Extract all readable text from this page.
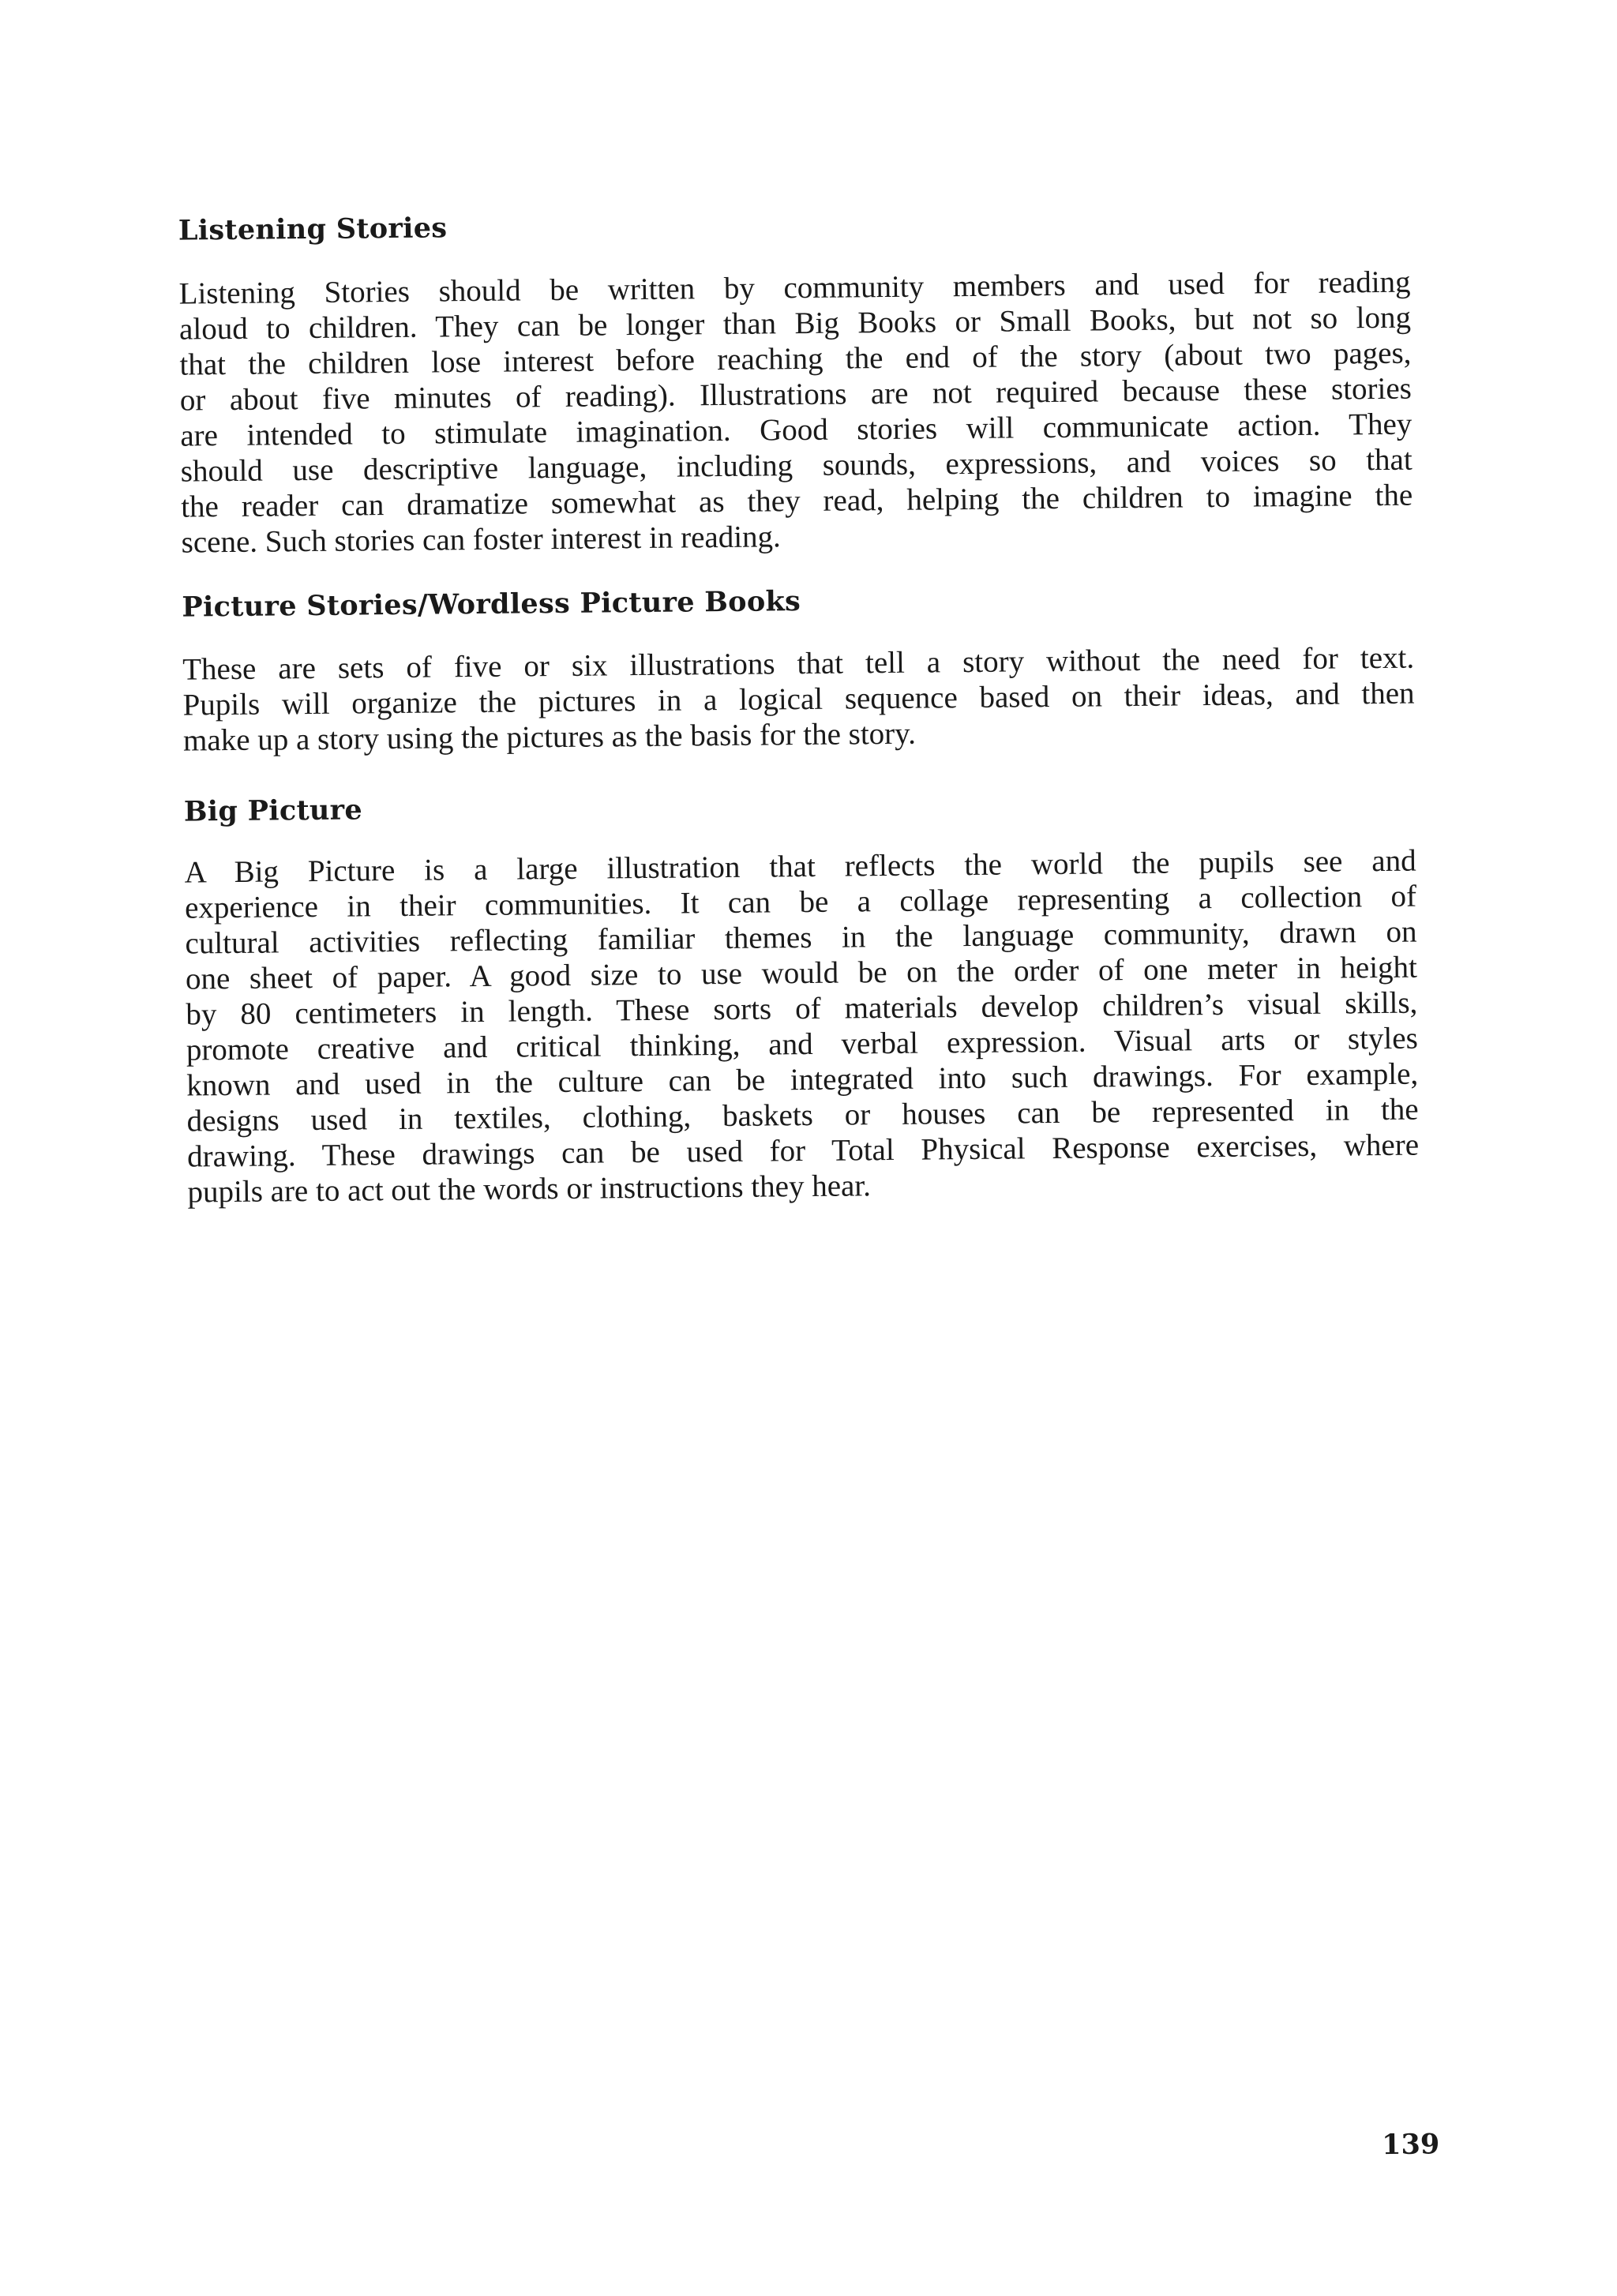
Listening Stories
Listening Stories should be written by community members and used for reading
aloud to children. They can be longer than Big Books or Small Books, but not so long
that the children lose interest before reaching the end of the story (about two pages,
or about five minutes of reading). Illustrations are not required because these stories
are intended to stimulate imagination. Good stories will communicate action. They
should use descriptive language, including sounds, expressions, and voices so that
the reader can dramatize somewhat as they read, helping the children to imagine the
scene. Such stories can foster interest in reading.
Picture Stories/Wordless Picture Books
These are sets of five or six illustrations that tell a story without the need for text.
Pupils will organize the pictures in a logical sequence based on their ideas, and then
make up a story using the pictures as the basis for the story.
Big Picture
A Big Picture is a large illustration that reflects the world the pupils see and
experience in their communities. It can be a collage representing a collection of
cultural activities reflecting familiar themes in the language community, drawn on
one sheet of paper. A good size to use would be on the order of one meter in height
by 80 centimeters in length. These sorts of materials develop children’s visual skills,
promote creative and critical thinking, and verbal expression. Visual arts or styles
known and used in the culture can be integrated into such drawings. For example,
designs used in textiles, clothing, baskets or houses can be represented in the
drawing. These drawings can be used for Total Physical Response exercises, where
pupils are to act out the words or instructions they hear.
139
